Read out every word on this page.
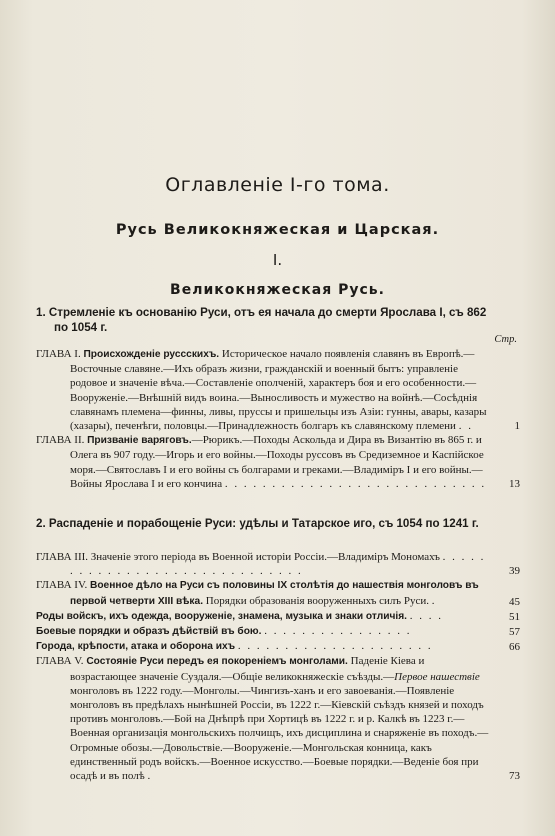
Оглавленiе I-го тома.
Русь Великокняжеская и Царская.
I.
Великокняжеская Русь.
1. Стремленiе къ основанiю Руси, отъ ея начала до смерти Ярослава I, съ 862
по 1054 г.
Стр.
ГЛАВА I. Происхожденiе руссскихъ. Историческое начало появленiя славянъ въ Европѣ.—Восточные славяне.—Ихъ образъ жизни, гражданскiй и военный бытъ: управленiе родовое и значенiе вѣча.—Составленiе ополченiй, характеръ боя и его особенности.—Вооруженiе.—Внѣшнiй видъ воина.—Выносливость и мужество на войнѣ.—Сосѣднiя славянамъ племена—финны, ливы, пруссы и пришельцы изъ Азiи: гунны, авары, казары (хазары), печенѣги, половцы.—Принадлежность болгаръ къ славянскому племени . .	1
ГЛАВА II. Призванiе варяговъ.—Рюрикъ.—Походы Аскольда и Дира въ Византiю въ 865 г. и Олега въ 907 году.—Игорь и его войны.—Походы руссовъ въ Средиземное и Каспiйское моря.—Святославъ I и его войны съ болгарами и греками.—Владимiръ I и его войны.—Войны Ярослава I и его кончина . . . . . . . . . . . . . . . . . . . . . . . . . . . . 13
2. Распаденiе и порабощенiе Руси: удѣлы и Татарское иго, съ 1054 по 1241 г.
ГЛАВА III. Значенiе этого перiода въ Военной исторiи Россiи.—Владимiръ Мономахъ . . . . . . . . . . . . . . . . . . . . . . . . . . . . . .	39
ГЛАВА IV. Военное дѣло на Руси съ половины IX столѣтiя до нашествiя монголовъ въ первой четверти XIII вѣка. Порядки образованiя вооруженныхъ силъ Руси. .	45
Роды войскъ, ихъ одежда, вооруженiе, знамена, музыка и знаки отличiя. . . . .	51
Боевые порядки и образъ дѣйствiй въ бою. . . . . . . . . . . . . . . . .	57
Города, крѣпости, атака и оборона ихъ . . . . . . . . . . . . . . . . . . . . .	66
ГЛАВА V. Состоянiе Руси передъ ея покоренiемъ монголами. Паденiе Кiева и возрастающее значенiе Суздаля.—Общiе великокняжескiе съѣзды.—Первое нашествiе монголовъ въ 1222 году.—Монголы.—Чингизъ-ханъ и его завоеванiя.—Появленiе монголовъ въ предѣлахъ нынѣшней Россiи, въ 1222 г.—Кiевскiй съѣздъ князей и походъ противъ монголовъ.—Бой на Днѣпрѣ при Хортицѣ въ 1222 г. и р. Калкѣ въ 1223 г.—Военная организацiя монгольскихъ полчищъ, ихъ дисциплина и снаряженiе въ походъ.—Огромные обозы.—Довольствiе.—Вооруженiе.—Монгольская конница, какъ единственный родъ войскъ.—Военное искусство.—Боевые порядки.—Веденiе боя при осадѣ и въ полѣ .	73
